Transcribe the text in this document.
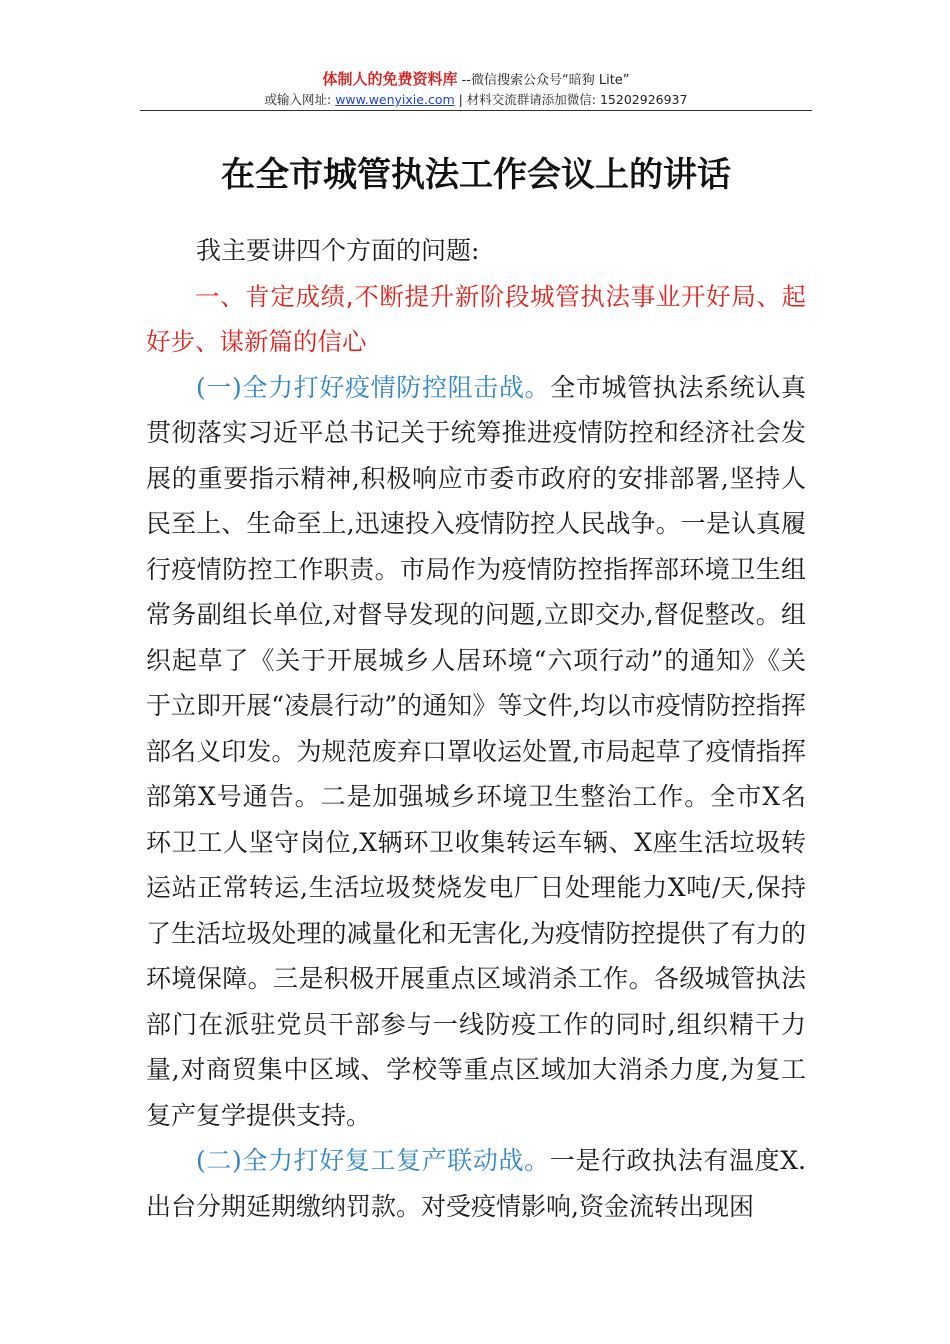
体制人的免费资料库 --微信搜索公众号“暗狗 Lite”
或输入网址: www.wenyixie.com | 材料交流群请添加微信: 15202926937
在全市城管执法工作会议上的讲话

我主要讲四个方面的问题:

一、肯定成绩,不断提升新阶段城管执法事业开好局、起好步、谋新篇的信心

(一)全力打好疫情防控阻击战。全市城管执法系统认真贯彻落实习近平总书记关于统筹推进疫情防控和经济社会发展的重要指示精神,积极响应市委市政府的安排部署,坚持人民至上、生命至上,迅速投入疫情防控人民战争。一是认真履行疫情防控工作职责。市局作为疫情防控指挥部环境卫生组常务副组长单位,对督导发现的问题,立即交办,督促整改。组织起草了《关于开展城乡人居环境“六项行动”的通知》《关于立即开展“凌晨行动”的通知》等文件,均以市疫情防控指挥部名义印发。为规范废弃口罩收运处置,市局起草了疫情指挥部第X号通告。二是加强城乡环境卫生整治工作。全市X名环卫工人坚守岗位,X辆环卫收集转运车辆、X座生活垃圾转运站正常转运,生活垃圾焚烧发电厂日处理能力X吨/天,保持了生活垃圾处理的减量化和无害化,为疫情防控提供了有力的环境保障。三是积极开展重点区域消杀工作。各级城管执法部门在派驻党员干部参与一线防疫工作的同时,组织精干力量,对商贸集中区域、学校等重点区域加大消杀力度,为复工复产复学提供支持。

(二)全力打好复工复产联动战。一是行政执法有温度X.出台分期延期缴纳罚款。对受疫情影响,资金流转出现困
